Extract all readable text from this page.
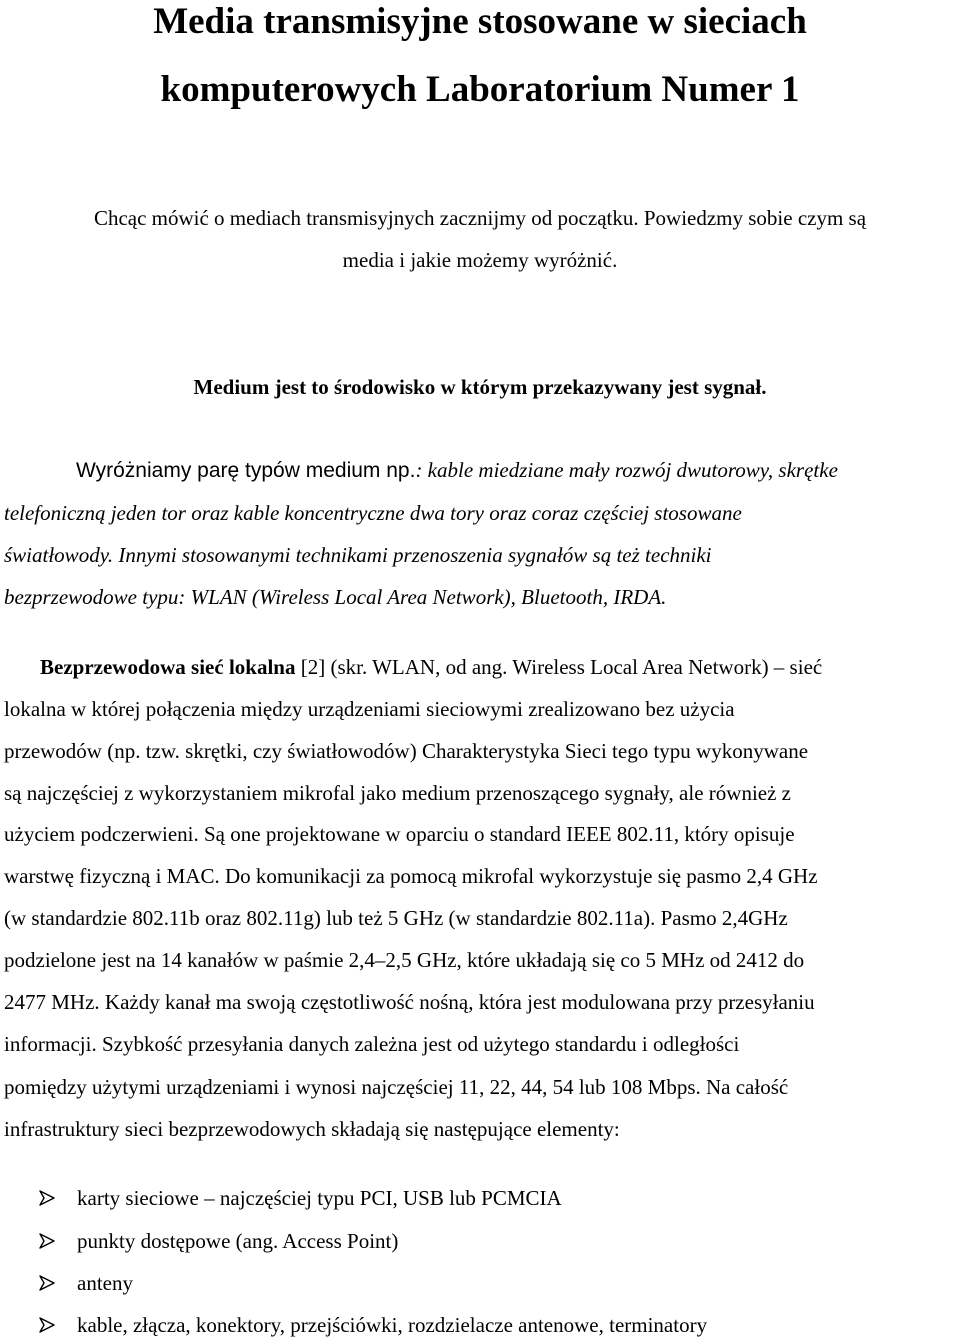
Media transmisyjne stosowane w sieciach
komputerowych Laboratorium Numer 1
Chcąc mówić o mediach transmisyjnych zacznijmy od początku. Powiedzmy sobie czym są
media i jakie możemy wyróżnić.
Medium jest to środowisko w którym przekazywany jest sygnał.
Wyróżniamy parę typów medium np.: kable miedziane mały rozwój dwutorowy, skrętke
telefoniczną jeden tor oraz kable koncentryczne dwa tory oraz coraz częściej stosowane
światłowody. Innymi stosowanymi technikami przenoszenia sygnałów są też techniki
bezprzewodowe typu: WLAN (Wireless Local Area Network), Bluetooth, IRDA.
Bezprzewodowa sieć lokalna [2] (skr. WLAN, od ang. Wireless Local Area Network) – sieć
lokalna w której połączenia między urządzeniami sieciowymi zrealizowano bez użycia
przewodów (np. tzw. skrętki, czy światłowodów) Charakterystyka Sieci tego typu wykonywane
są najczęściej z wykorzystaniem mikrofal jako medium przenoszącego sygnały, ale również z
użyciem podczerwieni. Są one projektowane w oparciu o standard IEEE 802.11, który opisuje
warstwę fizyczną i MAC. Do komunikacji za pomocą mikrofal wykorzystuje się pasmo 2,4 GHz
(w standardzie 802.11b oraz 802.11g) lub też 5 GHz (w standardzie 802.11a). Pasmo 2,4GHz
podzielone jest na 14 kanałów w paśmie 2,4–2,5 GHz, które układają się co 5 MHz od 2412 do
2477 MHz. Każdy kanał ma swoją częstotliwość nośną, która jest modulowana przy przesyłaniu
informacji. Szybkość przesyłania danych zależna jest od użytego standardu i odległości
pomiędzy użytymi urządzeniami i wynosi najczęściej 11, 22, 44, 54 lub 108 Mbps. Na całość
infrastruktury sieci bezprzewodowych składają się następujące elementy:
karty sieciowe – najczęściej typu PCI, USB lub PCMCIA
punkty dostępowe (ang. Access Point)
anteny
kable, złącza, konektory, przejściówki, rozdzielacze antenowe, terminatory
